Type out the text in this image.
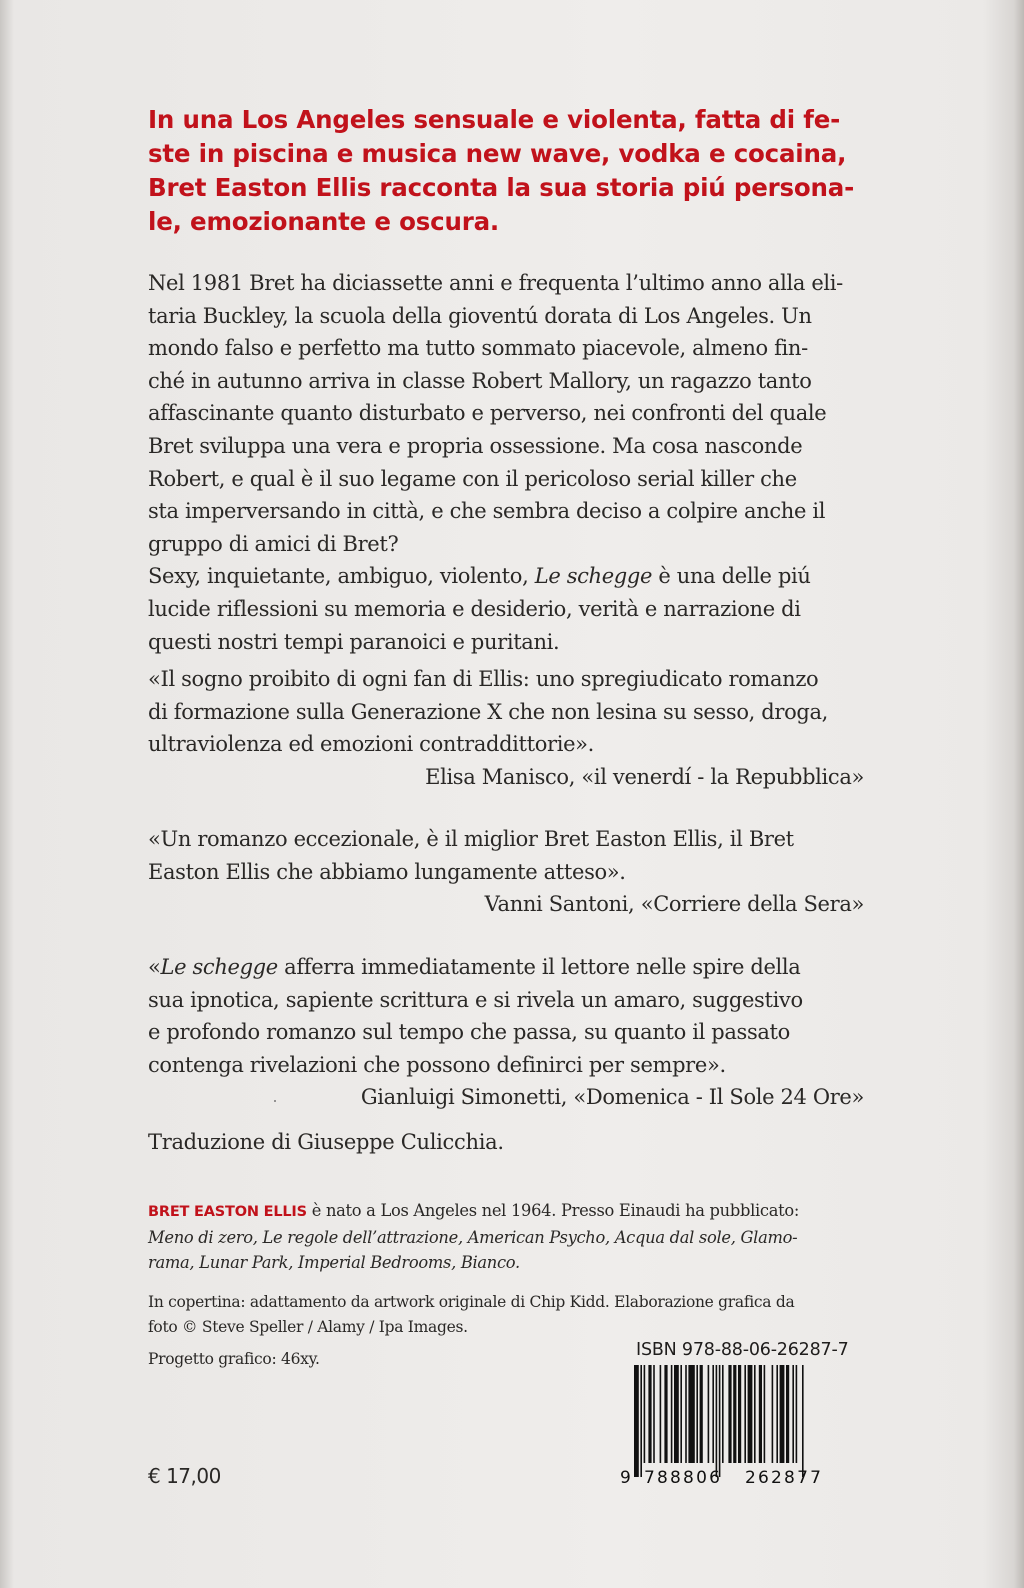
In una Los Angeles sensuale e violenta, fatta di fe-
ste in piscina e musica new wave, vodka e cocaina,
Bret Easton Ellis racconta la sua storia piú persona-
le, emozionante e oscura.
Nel 1981 Bret ha diciassette anni e frequenta l’ultimo anno alla eli-
taria Buckley, la scuola della gioventú dorata di Los Angeles. Un
mondo falso e perfetto ma tutto sommato piacevole, almeno fin-
ché in autunno arriva in classe Robert Mallory, un ragazzo tanto
affascinante quanto disturbato e perverso, nei confronti del quale
Bret sviluppa una vera e propria ossessione. Ma cosa nasconde
Robert, e qual è il suo legame con il pericoloso serial killer che
sta imperversando in città, e che sembra deciso a colpire anche il
gruppo di amici di Bret?
Sexy, inquietante, ambiguo, violento, Le schegge è una delle piú
lucide riflessioni su memoria e desiderio, verità e narrazione di
questi nostri tempi paranoici e puritani.
«Il sogno proibito di ogni fan di Ellis: uno spregiudicato romanzo
di formazione sulla Generazione X che non lesina su sesso, droga,
ultraviolenza ed emozioni contraddittorie».
Elisa Manisco, «il venerdí - la Repubblica»
«Un romanzo eccezionale, è il miglior Bret Easton Ellis, il Bret
Easton Ellis che abbiamo lungamente atteso».
Vanni Santoni, «Corriere della Sera»
«Le schegge afferra immediatamente il lettore nelle spire della
sua ipnotica, sapiente scrittura e si rivela un amaro, suggestivo
e profondo romanzo sul tempo che passa, su quanto il passato
contenga rivelazioni che possono definirci per sempre».
Gianluigi Simonetti, «Domenica - Il Sole 24 Ore»
Traduzione di Giuseppe Culicchia.
BRET EASTON ELLIS è nato a Los Angeles nel 1964. Presso Einaudi ha pubblicato:
Meno di zero, Le regole dell’attrazione, American Psycho, Acqua dal sole, Glamo-
rama, Lunar Park, Imperial Bedrooms, Bianco.
In copertina: adattamento da artwork originale di Chip Kidd. Elaborazione grafica da
foto © Steve Speller / Alamy / Ipa Images.
Progetto grafico: 46xy.
€ 17,00
ISBN 978-88-06-26287-7
9 788806 262877
